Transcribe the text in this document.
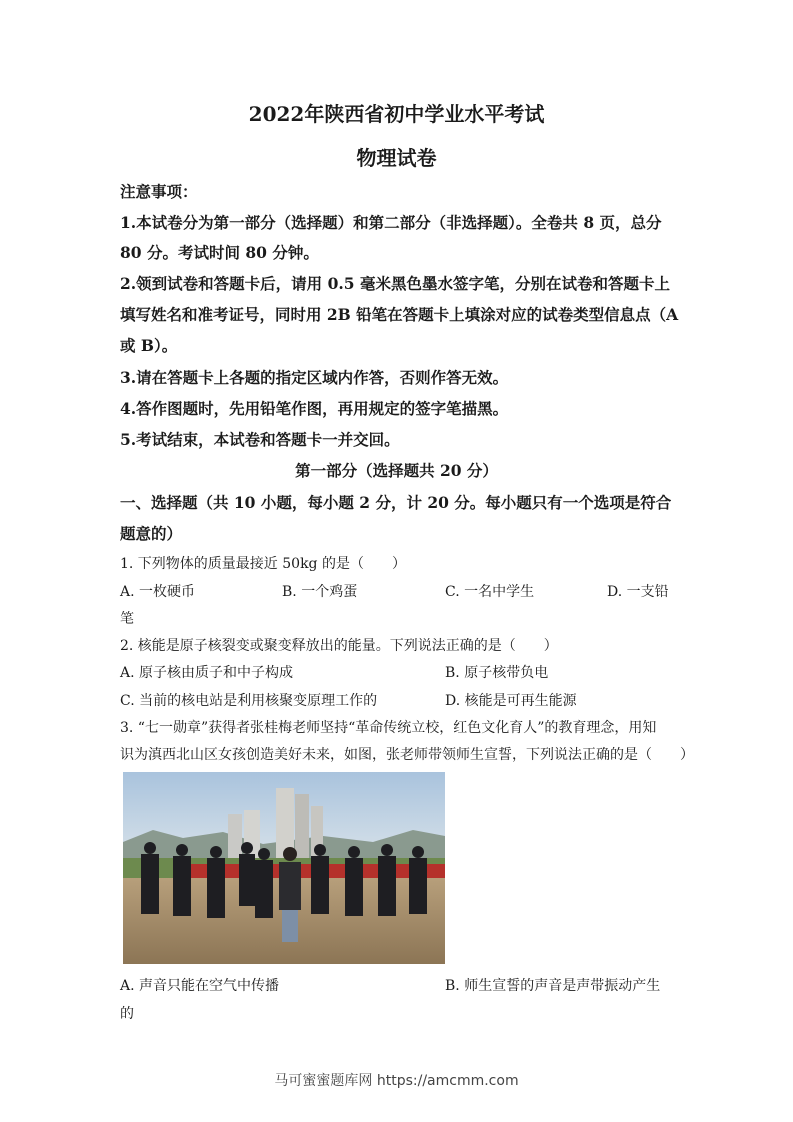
2022年陕西省初中学业水平考试
物理试卷
注意事项：
1.本试卷分为第一部分（选择题）和第二部分（非选择题）。全卷共 8 页，总分
80 分。考试时间 80 分钟。
2.领到试卷和答题卡后，请用 0.5 毫米黑色墨水签字笔，分别在试卷和答题卡上
填写姓名和准考证号，同时用 2B 铅笔在答题卡上填涂对应的试卷类型信息点（A
或 B）。
3.请在答题卡上各题的指定区域内作答，否则作答无效。
4.答作图题时，先用铅笔作图，再用规定的签字笔描黑。
5.考试结束，本试卷和答题卡一并交回。
第一部分（选择题共 20 分）
一、选择题（共 10 小题，每小题 2 分，计 20 分。每小题只有一个选项是符合
题意的）
1. 下列物体的质量最接近 50kg 的是（　　）
A. 一枚硬币	B. 一个鸡蛋	C. 一名中学生	D. 一支铅
笔
2. 核能是原子核裂变或聚变释放出的能量。下列说法正确的是（　　）
A. 原子核由质子和中子构成	B. 原子核带负电
C. 当前的核电站是利用核聚变原理工作的	D. 核能是可再生能源
3. “七一勋章”获得者张桂梅老师坚持“革命传统立校，红色文化育人”的教育理念，用知
识为滇西北山区女孩创造美好未来，如图，张老师带领师生宣誓，下列说法正确的是（　　）
A. 声音只能在空气中传播	B. 师生宣誓的声音是声带振动产生
的
马可蜜蜜题库网 https://amcmm.com
